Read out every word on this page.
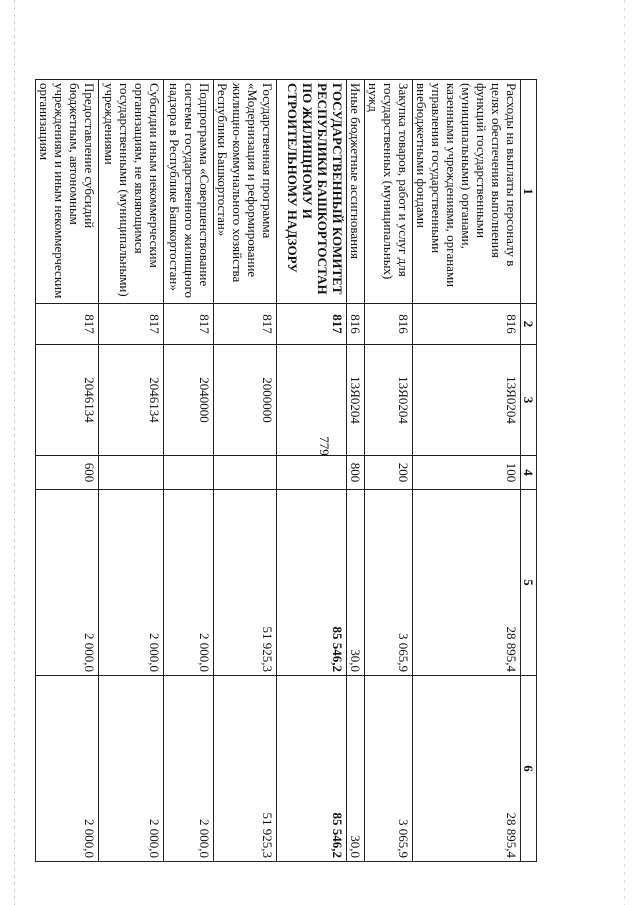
779
1	2	3	4	5	6
Расходы на выплаты персоналу в целях обеспечения выполнения функций государственными (муниципальными) органами, казенными учреждениями, органами управления государственными внебюджетными фондами	816	13Я0204	100	28 895,4	28 895,4
Закупка товаров, работ и услуг для государственных (муниципальных) нужд	816	13Я0204	200	3 065,9	3 065,9
Иные бюджетные ассигнования	816	13Я0204	800	30,0	30,0
ГОСУДАРСТВЕННЫЙ КОМИТЕТ РЕСПУБЛИКИ БАШКОРТОСТАН ПО ЖИЛИЩНОМУ И СТРОИТЕЛЬНОМУ НАДЗОРУ	817			85 546,2	85 546,2
Государственная программа «Модернизация и реформирование жилищно-коммунального хозяйства Республики Башкортостан»	817	2000000		51 925,3	51 925,3
Подпрограмма «Совершенствование системы государственного жилищного надзора в Республике Башкортостан»	817	2040000		2 000,0	2 000,0
Субсидии иным некоммерческим организациям, не являющимся государственными (муниципальными) учреждениями	817	2046134		2 000,0	2 000,0
Предоставление субсидий бюджетным, автономным учреждениям и иным некоммерческим организациям	817	2046134	600	2 000,0	2 000,0
